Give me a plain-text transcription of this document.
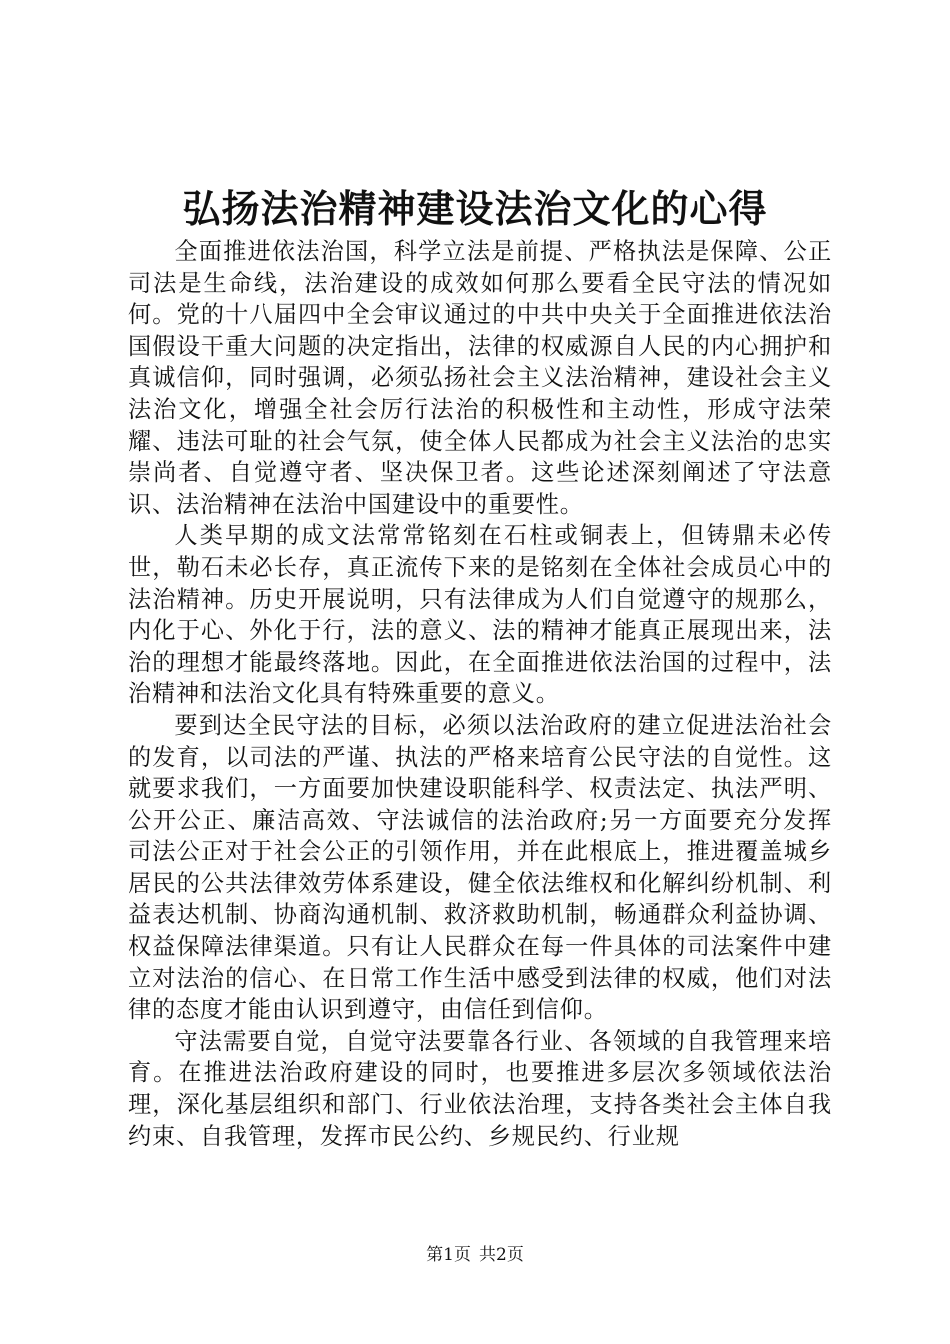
弘扬法治精神建设法治文化的心得

全面推进依法治国，科学立法是前提、严格执法是保障、公正司法是生命线，法治建设的成效如何那么要看全民守法的情况如何。党的十八届四中全会审议通过的中共中央关于全面推进依法治国假设干重大问题的决定指出，法律的权威源自人民的内心拥护和真诚信仰，同时强调，必须弘扬社会主义法治精神，建设社会主义法治文化，增强全社会厉行法治的积极性和主动性，形成守法荣耀、违法可耻的社会气氛，使全体人民都成为社会主义法治的忠实崇尚者、自觉遵守者、坚决保卫者。这些论述深刻阐述了守法意识、法治精神在法治中国建设中的重要性。

人类早期的成文法常常铭刻在石柱或铜表上，但铸鼎未必传世，勒石未必长存，真正流传下来的是铭刻在全体社会成员心中的法治精神。历史开展说明，只有法律成为人们自觉遵守的规那么，内化于心、外化于行，法的意义、法的精神才能真正展现出来，法治的理想才能最终落地。因此，在全面推进依法治国的过程中，法治精神和法治文化具有特殊重要的意义。

要到达全民守法的目标，必须以法治政府的建立促进法治社会的发育，以司法的严谨、执法的严格来培育公民守法的自觉性。这就要求我们，一方面要加快建设职能科学、权责法定、执法严明、公开公正、廉洁高效、守法诚信的法治政府;另一方面要充分发挥司法公正对于社会公正的引领作用，并在此根底上，推进覆盖城乡居民的公共法律效劳体系建设，健全依法维权和化解纠纷机制、利益表达机制、协商沟通机制、救济救助机制，畅通群众利益协调、权益保障法律渠道。只有让人民群众在每一件具体的司法案件中建立对法治的信心、在日常工作生活中感受到法律的权威，他们对法律的态度才能由认识到遵守，由信任到信仰。

守法需要自觉，自觉守法要靠各行业、各领域的自我管理来培育。在推进法治政府建设的同时，也要推进多层次多领域依法治理，深化基层组织和部门、行业依法治理，支持各类社会主体自我约束、自我管理，发挥市民公约、乡规民约、行业规

第1页 共2页
